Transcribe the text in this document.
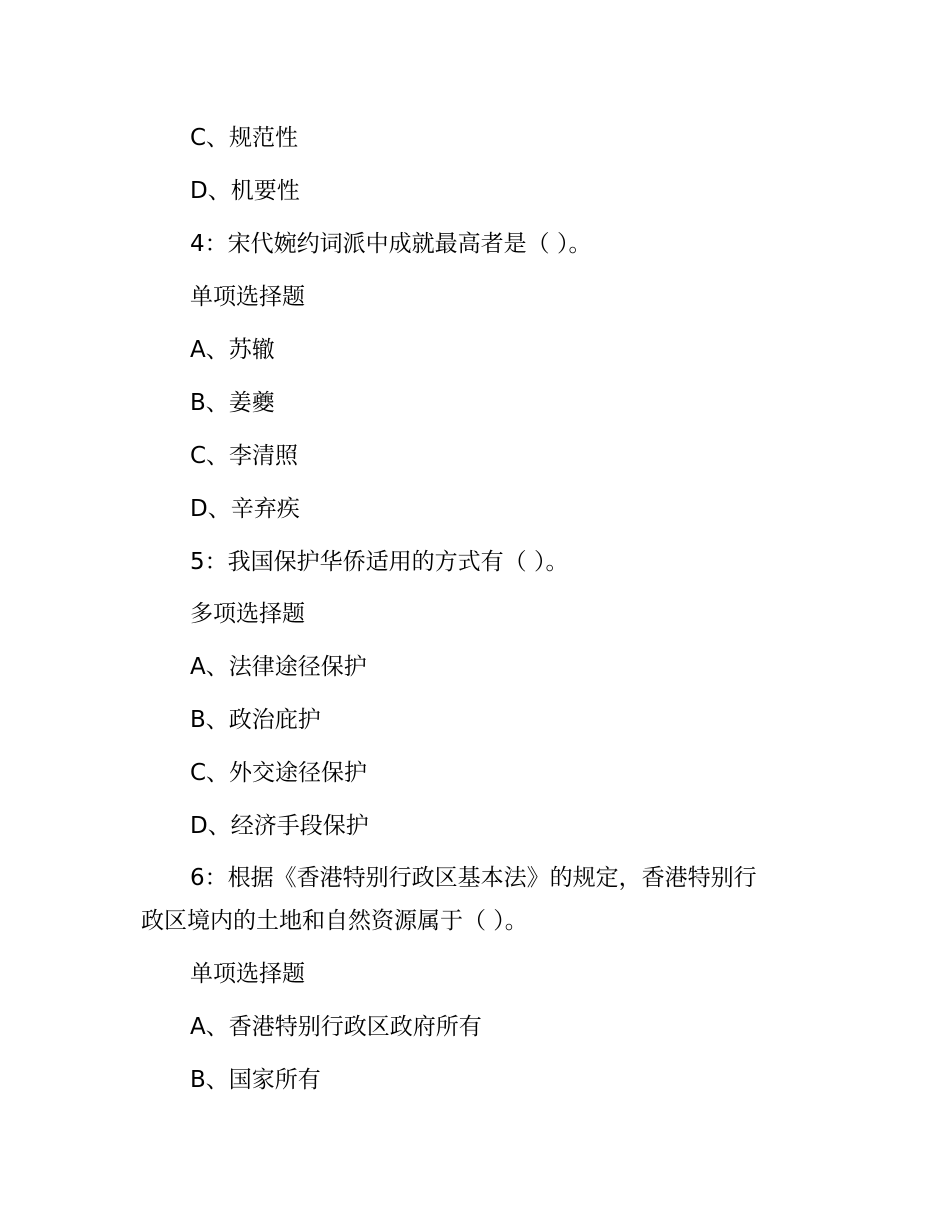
C、规范性
D、机要性
4：宋代婉约词派中成就最高者是（ ）。
单项选择题
A、苏辙
B、姜夔
C、李清照
D、辛弃疾
5：我国保护华侨适用的方式有（ ）。
多项选择题
A、法律途径保护
B、政治庇护
C、外交途径保护
D、经济手段保护
6：根据《香港特别行政区基本法》的规定，香港特别行
政区境内的土地和自然资源属于（ ）。
单项选择题
A、香港特别行政区政府所有
B、国家所有
